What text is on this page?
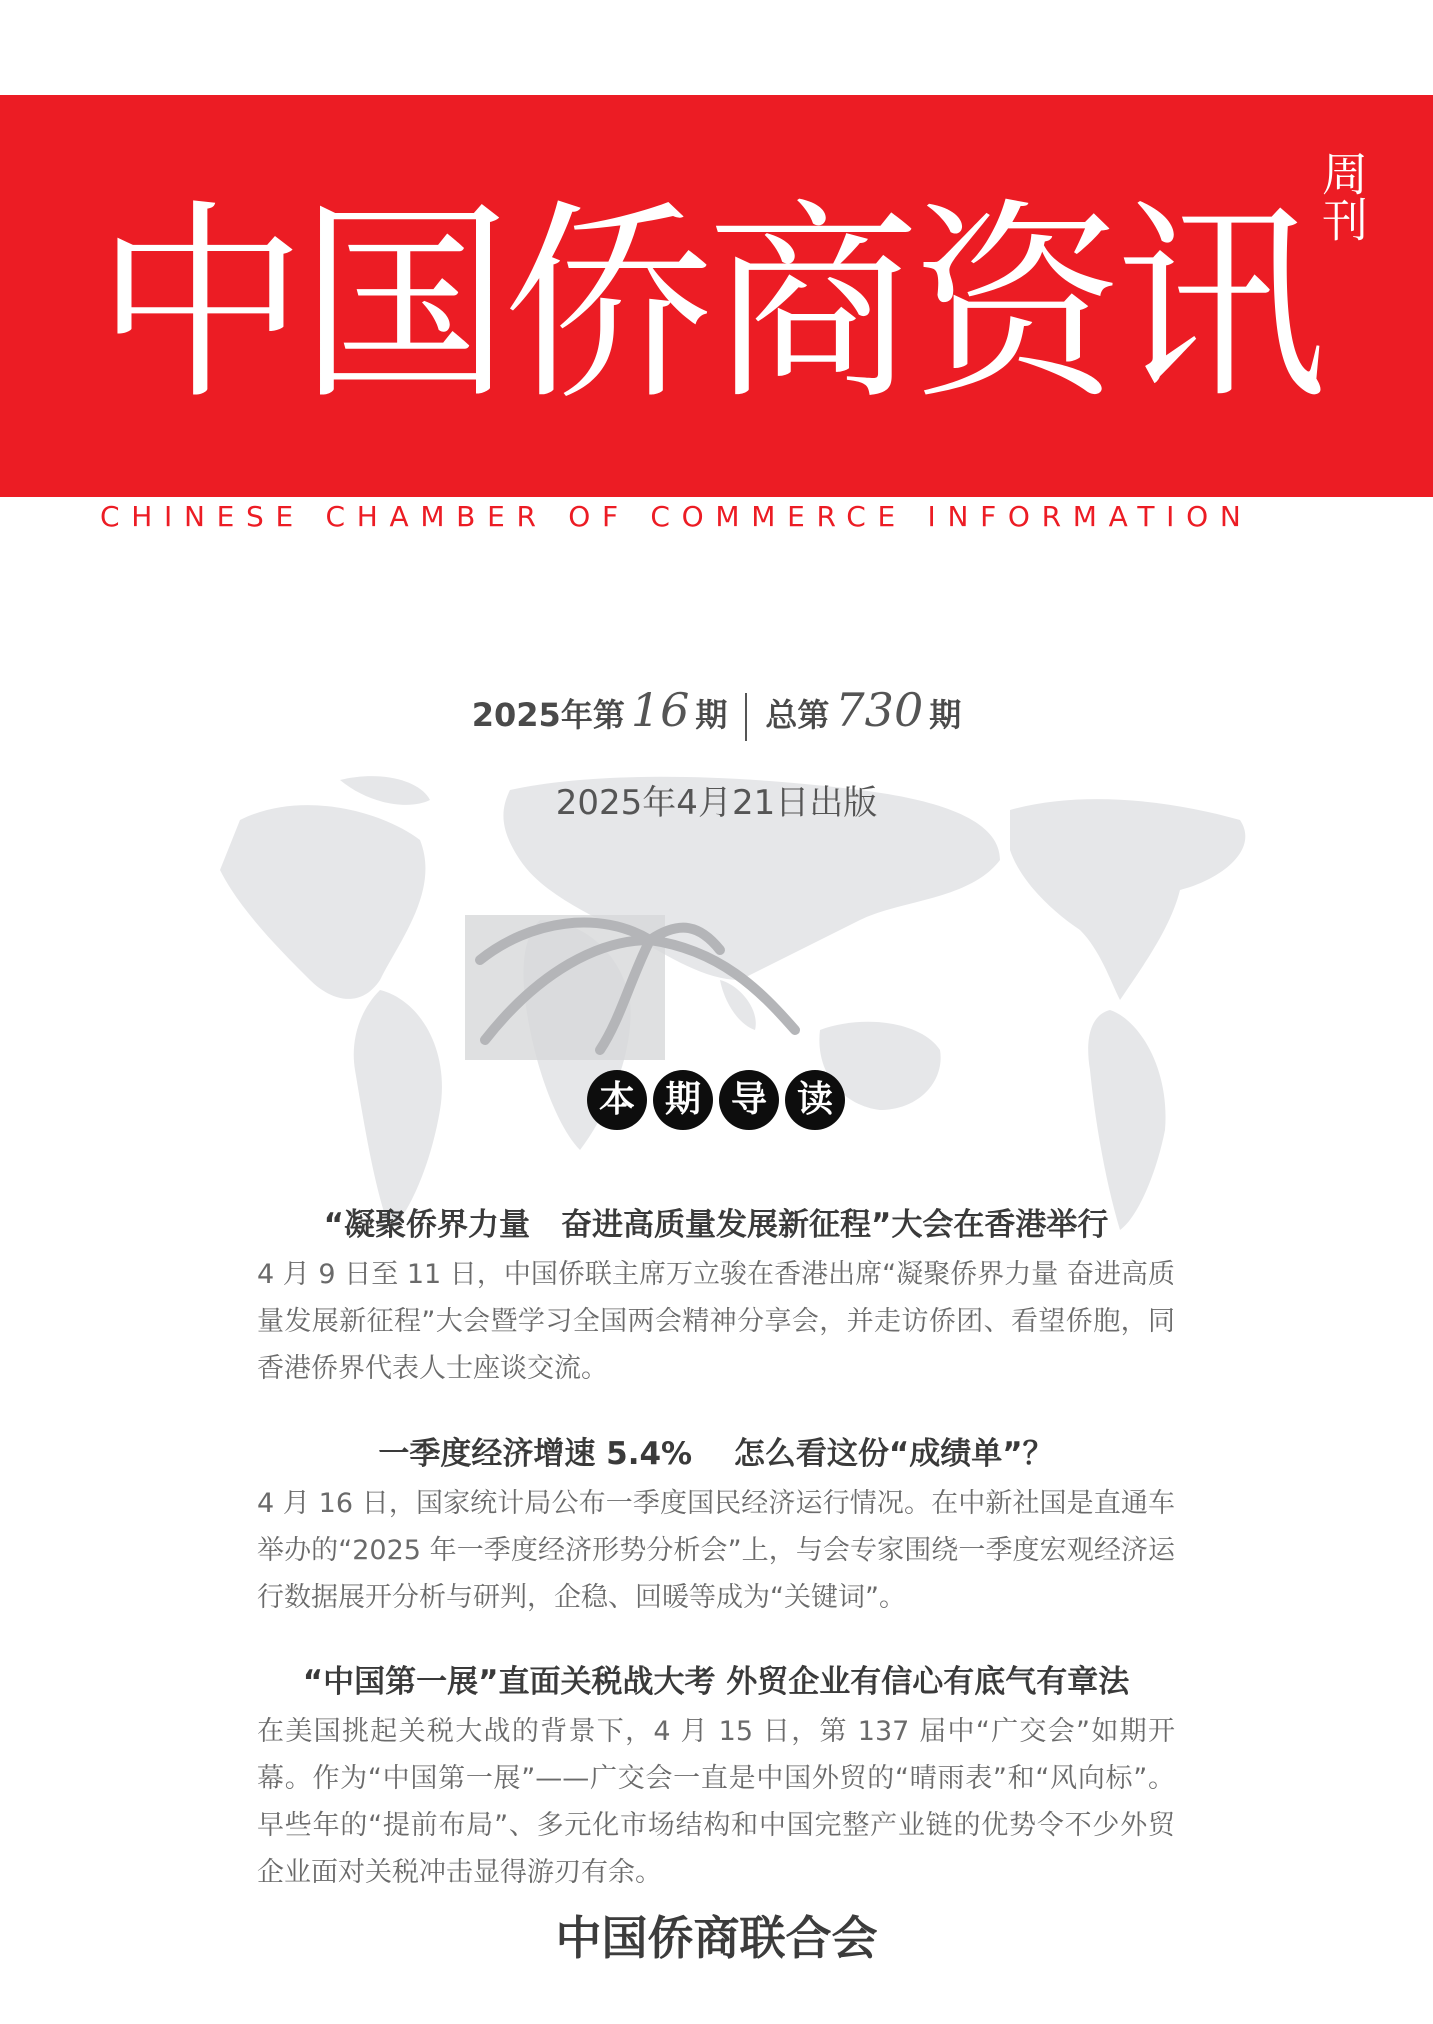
中国侨商资讯
周刊
CHINESE CHAMBER OF COMMERCE INFORMATION
2025年第 16 期 总第 730 期
2025年4月21日出版
本 期 导 读
“凝聚侨界力量　奋进高质量发展新征程”大会在香港举行
4 月 9 日至 11 日，中国侨联主席万立骏在香港出席“凝聚侨界力量 奋进高质量发展新征程”大会暨学习全国两会精神分享会，并走访侨团、看望侨胞，同香港侨界代表人士座谈交流。
一季度经济增速 5.4%　 怎么看这份“成绩单”？
4 月 16 日，国家统计局公布一季度国民经济运行情况。在中新社国是直通车举办的“2025 年一季度经济形势分析会”上，与会专家围绕一季度宏观经济运行数据展开分析与研判，企稳、回暖等成为“关键词”。
“中国第一展”直面关税战大考 外贸企业有信心有底气有章法
在美国挑起关税大战的背景下，4 月 15 日，第 137 届中“广交会”如期开幕。作为“中国第一展”——广交会一直是中国外贸的“晴雨表”和“风向标”。早些年的“提前布局”、多元化市场结构和中国完整产业链的优势令不少外贸企业面对关税冲击显得游刃有余。
中国侨商联合会
